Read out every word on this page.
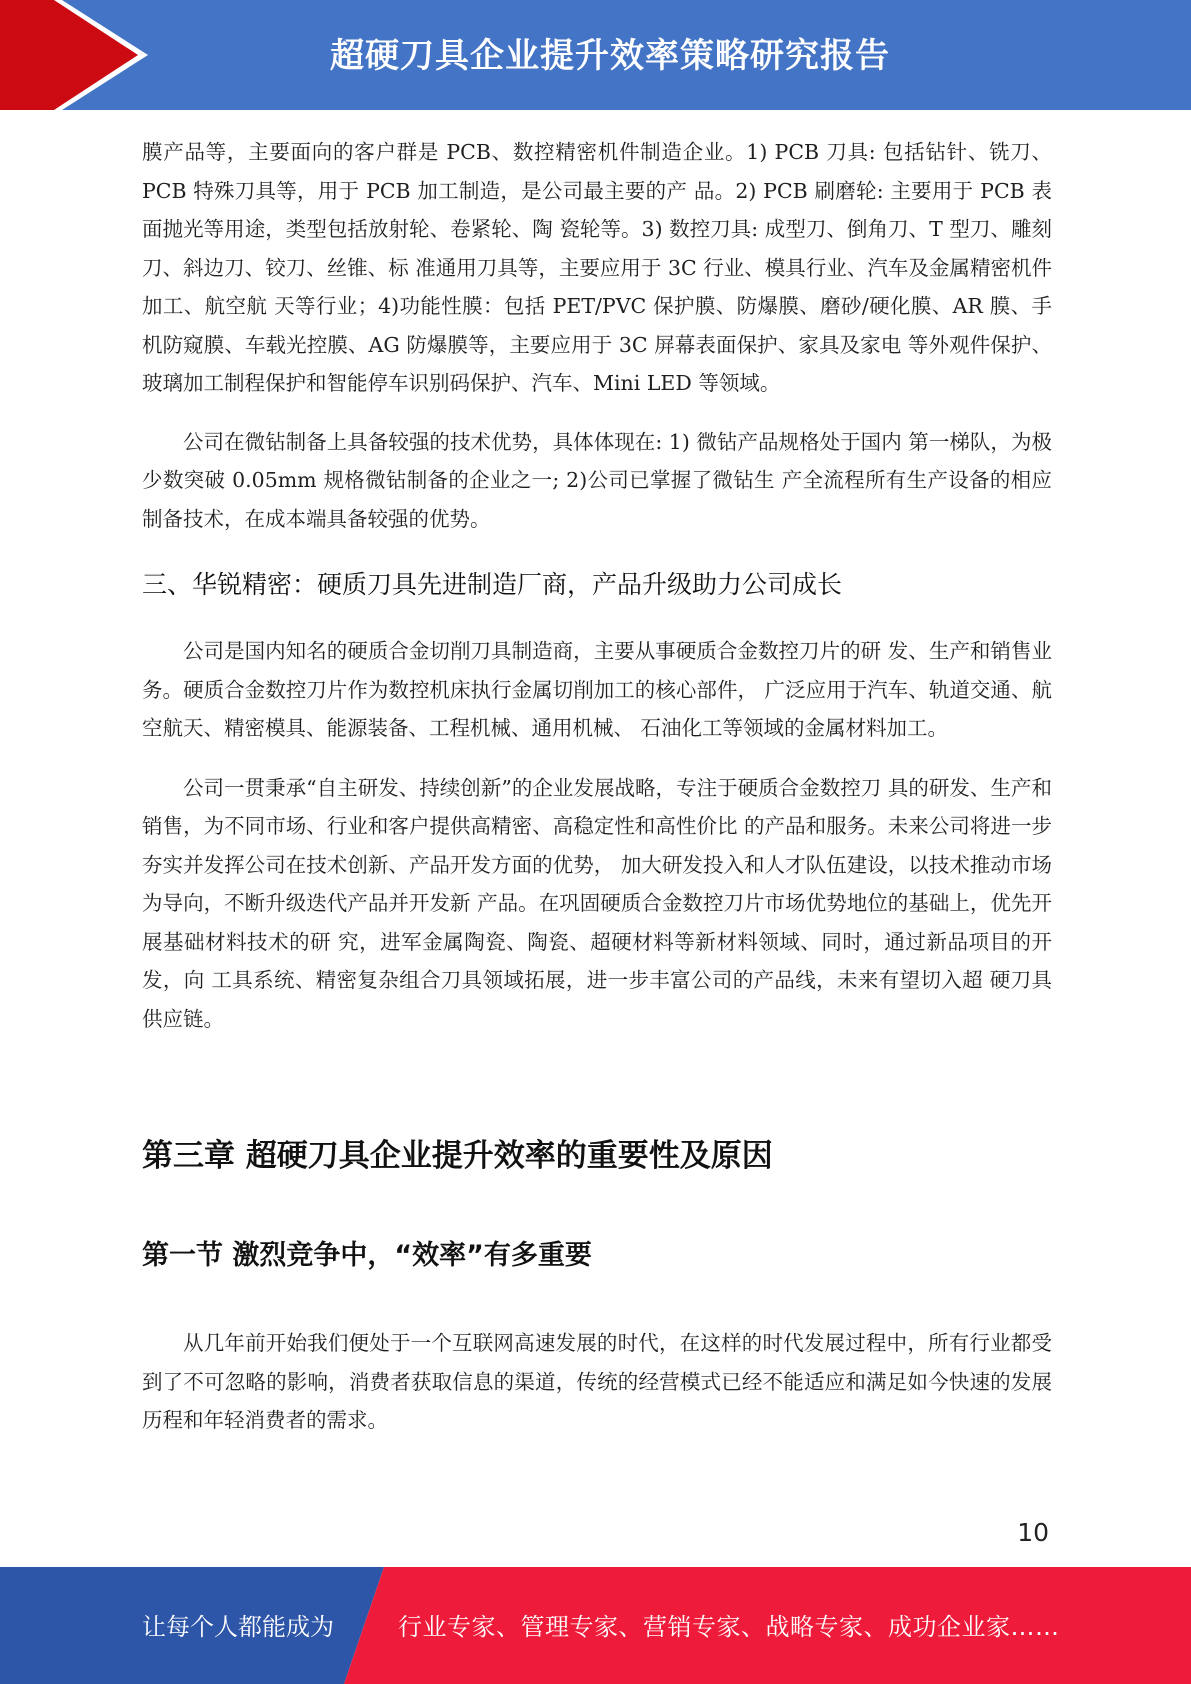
超硬刀具企业提升效率策略研究报告

膜产品等，主要面向的客户群是 PCB、数控精密机件制造企业。1) PCB 刀具: 包括钻针、铣刀、PCB 特殊刀具等，用于 PCB 加工制造，是公司最主要的产 品。2) PCB 刷磨轮: 主要用于 PCB 表面抛光等用途，类型包括放射轮、卷紧轮、陶 瓷轮等。3) 数控刀具: 成型刀、倒角刀、T 型刀、雕刻刀、斜边刀、铰刀、丝锥、标 准通用刀具等，主要应用于 3C 行业、模具行业、汽车及金属精密机件加工、航空航 天等行业；4)功能性膜：包括 PET/PVC 保护膜、防爆膜、磨砂/硬化膜、AR 膜、手 机防窥膜、车载光控膜、AG 防爆膜等，主要应用于 3C 屏幕表面保护、家具及家电 等外观件保护、玻璃加工制程保护和智能停车识别码保护、汽车、Mini LED 等领域。

公司在微钻制备上具备较强的技术优势，具体体现在: 1) 微钻产品规格处于国内 第一梯队，为极少数突破 0.05mm 规格微钻制备的企业之一; 2)公司已掌握了微钻生 产全流程所有生产设备的相应制备技术，在成本端具备较强的优势。

三、华锐精密：硬质刀具先进制造厂商，产品升级助力公司成长

公司是国内知名的硬质合金切削刀具制造商，主要从事硬质合金数控刀片的研 发、生产和销售业务。硬质合金数控刀片作为数控机床执行金属切削加工的核心部件， 广泛应用于汽车、轨道交通、航空航天、精密模具、能源装备、工程机械、通用机械、 石油化工等领域的金属材料加工。

公司一贯秉承“自主研发、持续创新”的企业发展战略，专注于硬质合金数控刀 具的研发、生产和销售，为不同市场、行业和客户提供高精密、高稳定性和高性价比 的产品和服务。未来公司将进一步夯实并发挥公司在技术创新、产品开发方面的优势， 加大研发投入和人才队伍建设，以技术推动市场为导向，不断升级迭代产品并开发新 产品。在巩固硬质合金数控刀片市场优势地位的基础上，优先开展基础材料技术的研 究，进军金属陶瓷、陶瓷、超硬材料等新材料领域、同时，通过新品项目的开发，向 工具系统、精密复杂组合刀具领域拓展，进一步丰富公司的产品线，未来有望切入超 硬刀具供应链。

第三章 超硬刀具企业提升效率的重要性及原因
第一节 激烈竞争中，“效率”有多重要

从几年前开始我们便处于一个互联网高速发展的时代，在这样的时代发展过程中，所有行业都受到了不可忽略的影响，消费者获取信息的渠道，传统的经营模式已经不能适应和满足如今快速的发展历程和年轻消费者的需求。

10
让每个人都能成为	行业专家、管理专家、营销专家、战略专家、成功企业家……
